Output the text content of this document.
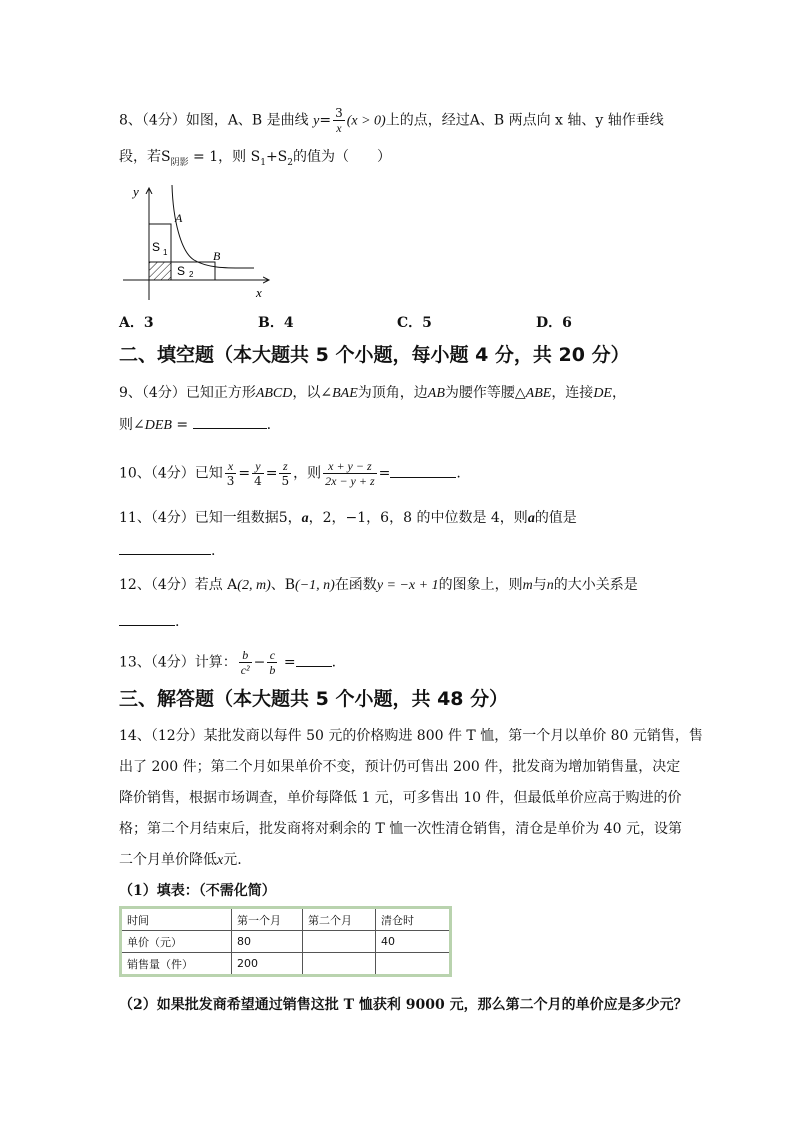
8、（4分）如图，A、B 是曲线 $y= \frac{3}{x} (x > 0)$上的点，经过A、B 两点向 x 轴、y 轴作垂线
段，若$S_{阴影} = 1$，则 $S_1+S_2$的值为（　　）
y
x
A
B
S 1
S 2
A．3	B．4	C．5	D．6
二、填空题（本大题共 5 个小题，每小题 4 分，共 20 分）
9、（4分）已知正方形ABCD，以∠BAE为顶角，边AB为腰作等腰△ABE，连接DE，
则∠DEB =	.
10、（4分）已知 $\frac{x}{3} = \frac{y}{4} = \frac{z}{5}$ ，则 $\frac{x + y - z}{2x - y + z}$ =	.
11、（4分）已知一组数据5，a，2，−1，6，8 的中位数是 4，则a的值是
.
12、（4分）若点 A(2, m)、B(−1, n)在函数y = −x + 1的图象上，则m与n的大小关系是
.
13、（4分）计算： $\frac{b}{\text{c²}} - \frac{c}{b}$ =	.
三、解答题（本大题共 5 个小题，共 48 分）
14、（12分）某批发商以每件 50 元的价格购进 800 件 T 恤，第一个月以单价 80 元销售，售
出了 200 件；第二个月如果单价不变，预计仍可售出 200 件，批发商为增加销售量，决定
降价销售，根据市场调查，单价每降低 1 元，可多售出 10 件，但最低单价应高于购进的价
格；第二个月结束后，批发商将对剩余的 T 恤一次性清仓销售，清仓是单价为 40 元，设第
二个月单价降低x元.
（1）填表：（不需化简）
时间	第一个月	第二个月	清仓时
单价（元）	80		40
销售量（件）	200		
（2）如果批发商希望通过销售这批 T 恤获利 9000 元，那么第二个月的单价应是多少元？
